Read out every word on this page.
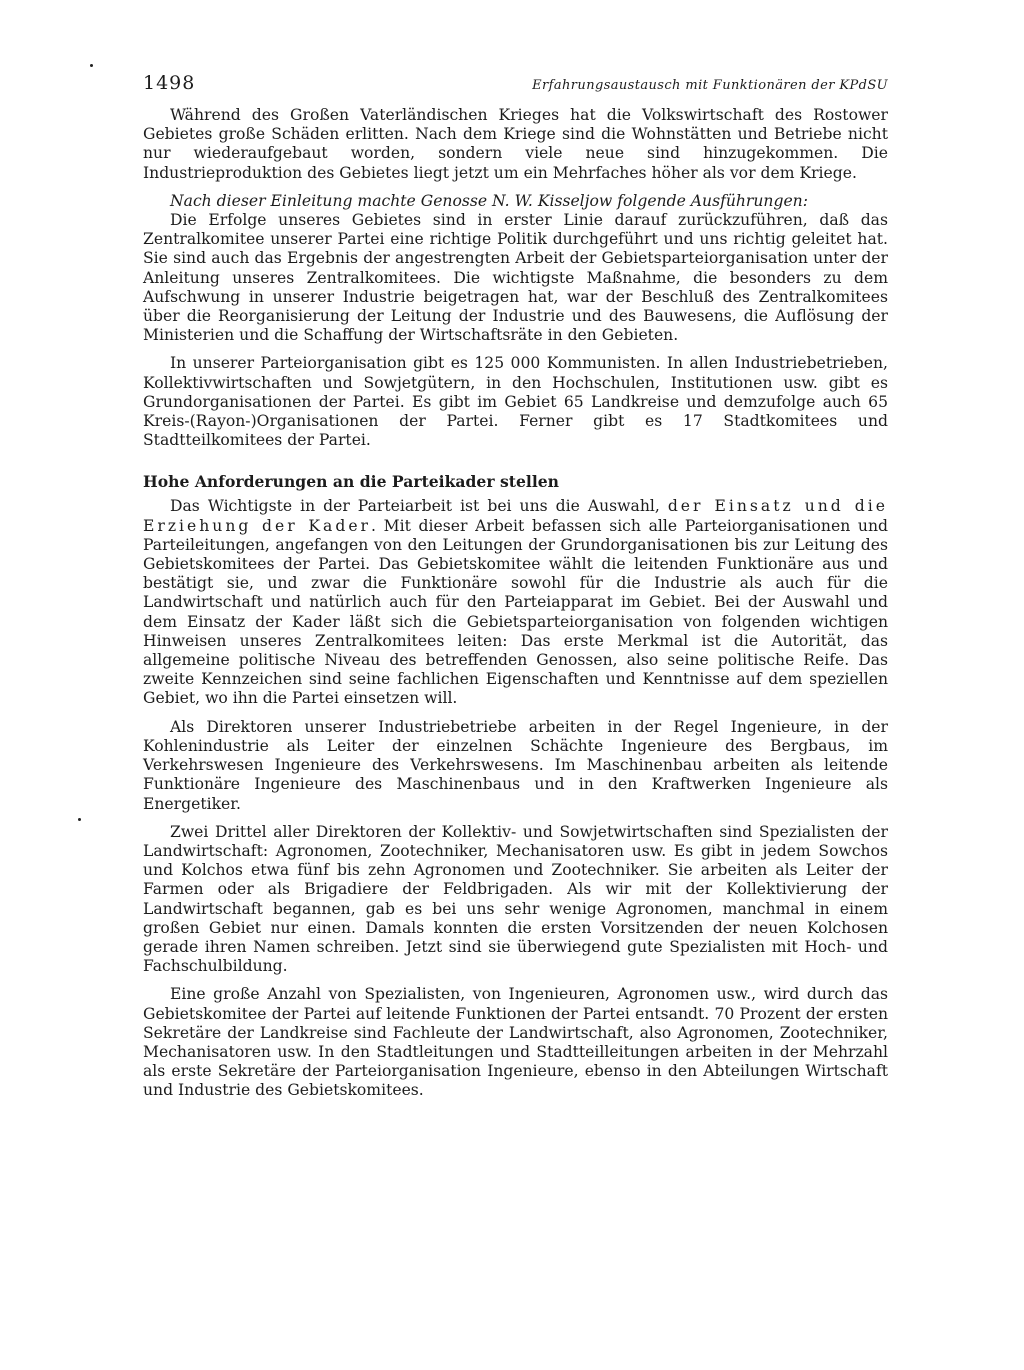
1498	Erfahrungsaustausch mit Funktionären der KPdSU

Während des Großen Vaterländischen Krieges hat die Volkswirtschaft des Rostower Gebietes große Schäden erlitten. Nach dem Kriege sind die Wohnstätten und Betriebe nicht nur wiederaufgebaut worden, sondern viele neue sind hinzugekommen. Die Industrieproduktion des Gebietes liegt jetzt um ein Mehrfaches höher als vor dem Kriege.

Nach dieser Einleitung machte Genosse N. W. Kisseljow folgende Ausführungen:

Die Erfolge unseres Gebietes sind in erster Linie darauf zurückzuführen, daß das Zentralkomitee unserer Partei eine richtige Politik durchgeführt und uns richtig geleitet hat. Sie sind auch das Ergebnis der angestrengten Arbeit der Gebietsparteiorganisation unter der Anleitung unseres Zentralkomitees. Die wichtigste Maßnahme, die besonders zu dem Aufschwung in unserer Industrie beigetragen hat, war der Beschluß des Zentralkomitees über die Reorganisierung der Leitung der Industrie und des Bauwesens, die Auflösung der Ministerien und die Schaffung der Wirtschaftsräte in den Gebieten.

In unserer Parteiorganisation gibt es 125 000 Kommunisten. In allen Industriebetrieben, Kollektivwirtschaften und Sowjetgütern, in den Hochschulen, Institutionen usw. gibt es Grundorganisationen der Partei. Es gibt im Gebiet 65 Landkreise und demzufolge auch 65 Kreis-(Rayon-)Organisationen der Partei. Ferner gibt es 17 Stadtkomitees und Stadtteilkomitees der Partei.

Hohe Anforderungen an die Parteikader stellen

Das Wichtigste in der Parteiarbeit ist bei uns die Auswahl, der Einsatz und die Erziehung der Kader. Mit dieser Arbeit befassen sich alle Parteiorganisationen und Parteileitungen, angefangen von den Leitungen der Grundorganisationen bis zur Leitung des Gebietskomitees der Partei. Das Gebietskomitee wählt die leitenden Funktionäre aus und bestätigt sie, und zwar die Funktionäre sowohl für die Industrie als auch für die Landwirtschaft und natürlich auch für den Parteiapparat im Gebiet. Bei der Auswahl und dem Einsatz der Kader läßt sich die Gebietsparteiorganisation von folgenden wichtigen Hinweisen unseres Zentralkomitees leiten: Das erste Merkmal ist die Autorität, das allgemeine politische Niveau des betreffenden Genossen, also seine politische Reife. Das zweite Kennzeichen sind seine fachlichen Eigenschaften und Kenntnisse auf dem speziellen Gebiet, wo ihn die Partei einsetzen will.

Als Direktoren unserer Industriebetriebe arbeiten in der Regel Ingenieure, in der Kohlenindustrie als Leiter der einzelnen Schächte Ingenieure des Bergbaus, im Verkehrswesen Ingenieure des Verkehrswesens. Im Maschinenbau arbeiten als leitende Funktionäre Ingenieure des Maschinenbaus und in den Kraftwerken Ingenieure als Energetiker.

Zwei Drittel aller Direktoren der Kollektiv- und Sowjetwirtschaften sind Spezialisten der Landwirtschaft: Agronomen, Zootechniker, Mechanisatoren usw. Es gibt in jedem Sowchos und Kolchos etwa fünf bis zehn Agronomen und Zootechniker. Sie arbeiten als Leiter der Farmen oder als Brigadiere der Feldbrigaden. Als wir mit der Kollektivierung der Landwirtschaft begannen, gab es bei uns sehr wenige Agronomen, manchmal in einem großen Gebiet nur einen. Damals konnten die ersten Vorsitzenden der neuen Kolchosen gerade ihren Namen schreiben. Jetzt sind sie überwiegend gute Spezialisten mit Hoch- und Fachschulbildung.

Eine große Anzahl von Spezialisten, von Ingenieuren, Agronomen usw., wird durch das Gebietskomitee der Partei auf leitende Funktionen der Partei entsandt. 70 Prozent der ersten Sekretäre der Landkreise sind Fachleute der Landwirtschaft, also Agronomen, Zootechniker, Mechanisatoren usw. In den Stadtleitungen und Stadtteilleitungen arbeiten in der Mehrzahl als erste Sekretäre der Parteiorganisation Ingenieure, ebenso in den Abteilungen Wirtschaft und Industrie des Gebietskomitees.
